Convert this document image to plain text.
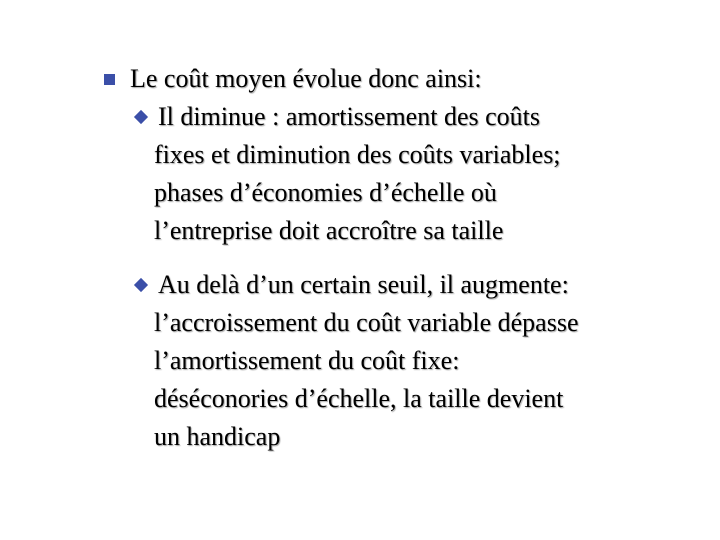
Le coût moyen évolue donc ainsi:
Il diminue : amortissement des coûts
fixes et diminution des coûts variables;
phases d’économies d’échelle où
l’entreprise doit accroître sa taille
Au delà d’un certain seuil, il augmente:
l’accroissement du coût variable dépasse
l’amortissement du coût fixe:
déséconories d’échelle, la taille devient
un handicap
